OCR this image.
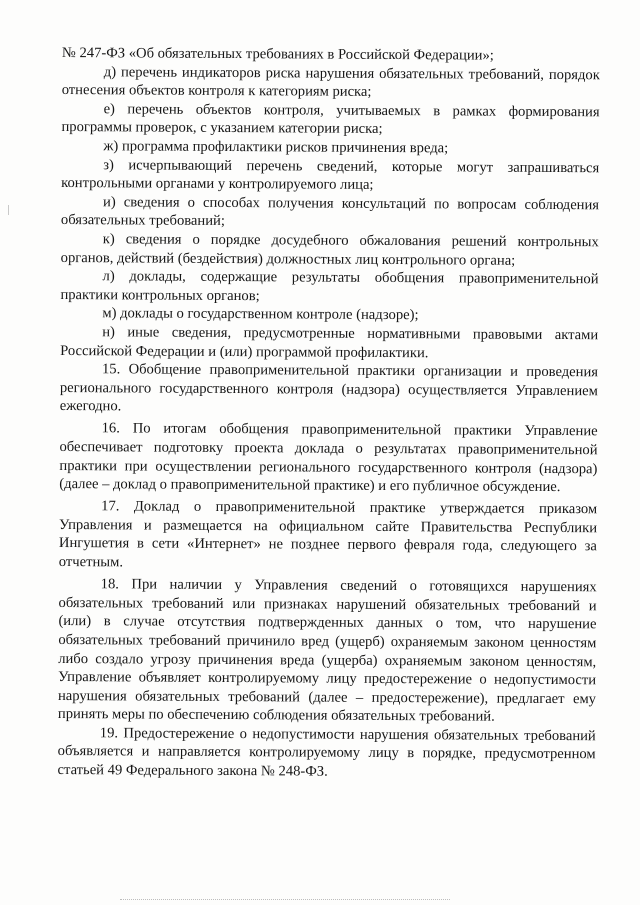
№ 247-ФЗ «Об обязательных требованиях в Российской Федерации»;

д) перечень индикаторов риска нарушения обязательных требований, порядок отнесения объектов контроля к категориям риска;

е) перечень объектов контроля, учитываемых в рамках формирования программы проверок, с указанием категории риска;

ж) программа профилактики рисков причинения вреда;

з) исчерпывающий перечень сведений, которые могут запрашиваться контрольными органами у контролируемого лица;

и) сведения о способах получения консультаций по вопросам соблюдения обязательных требований;

к) сведения о порядке досудебного обжалования решений контрольных органов, действий (бездействия) должностных лиц контрольного органа;

л) доклады, содержащие результаты обобщения правоприменительной практики контрольных органов;

м) доклады о государственном контроле (надзоре);

н) иные сведения, предусмотренные нормативными правовыми актами Российской Федерации и (или) программой профилактики.

15. Обобщение правоприменительной практики организации и проведения регионального государственного контроля (надзора) осуществляется Управлением ежегодно.

16. По итогам обобщения правоприменительной практики Управление обеспечивает подготовку проекта доклада о результатах правоприменительной практики при осуществлении регионального государственного контроля (надзора) (далее – доклад о правоприменительной практике) и его публичное обсуждение.

17. Доклад о правоприменительной практике утверждается приказом Управления и размещается на официальном сайте Правительства Республики Ингушетия в сети «Интернет» не позднее первого февраля года, следующего за отчетным.

18. При наличии у Управления сведений о готовящихся нарушениях обязательных требований или признаках нарушений обязательных требований и (или) в случае отсутствия подтвержденных данных о том, что нарушение обязательных требований причинило вред (ущерб) охраняемым законом ценностям либо создало угрозу причинения вреда (ущерба) охраняемым законом ценностям, Управление объявляет контролируемому лицу предостережение о недопустимости нарушения обязательных требований (далее – предостережение), предлагает ему принять меры по обеспечению соблюдения обязательных требований.

19. Предостережение о недопустимости нарушения обязательных требований объявляется и направляется контролируемому лицу в порядке, предусмотренном статьей 49 Федерального закона № 248-ФЗ.
